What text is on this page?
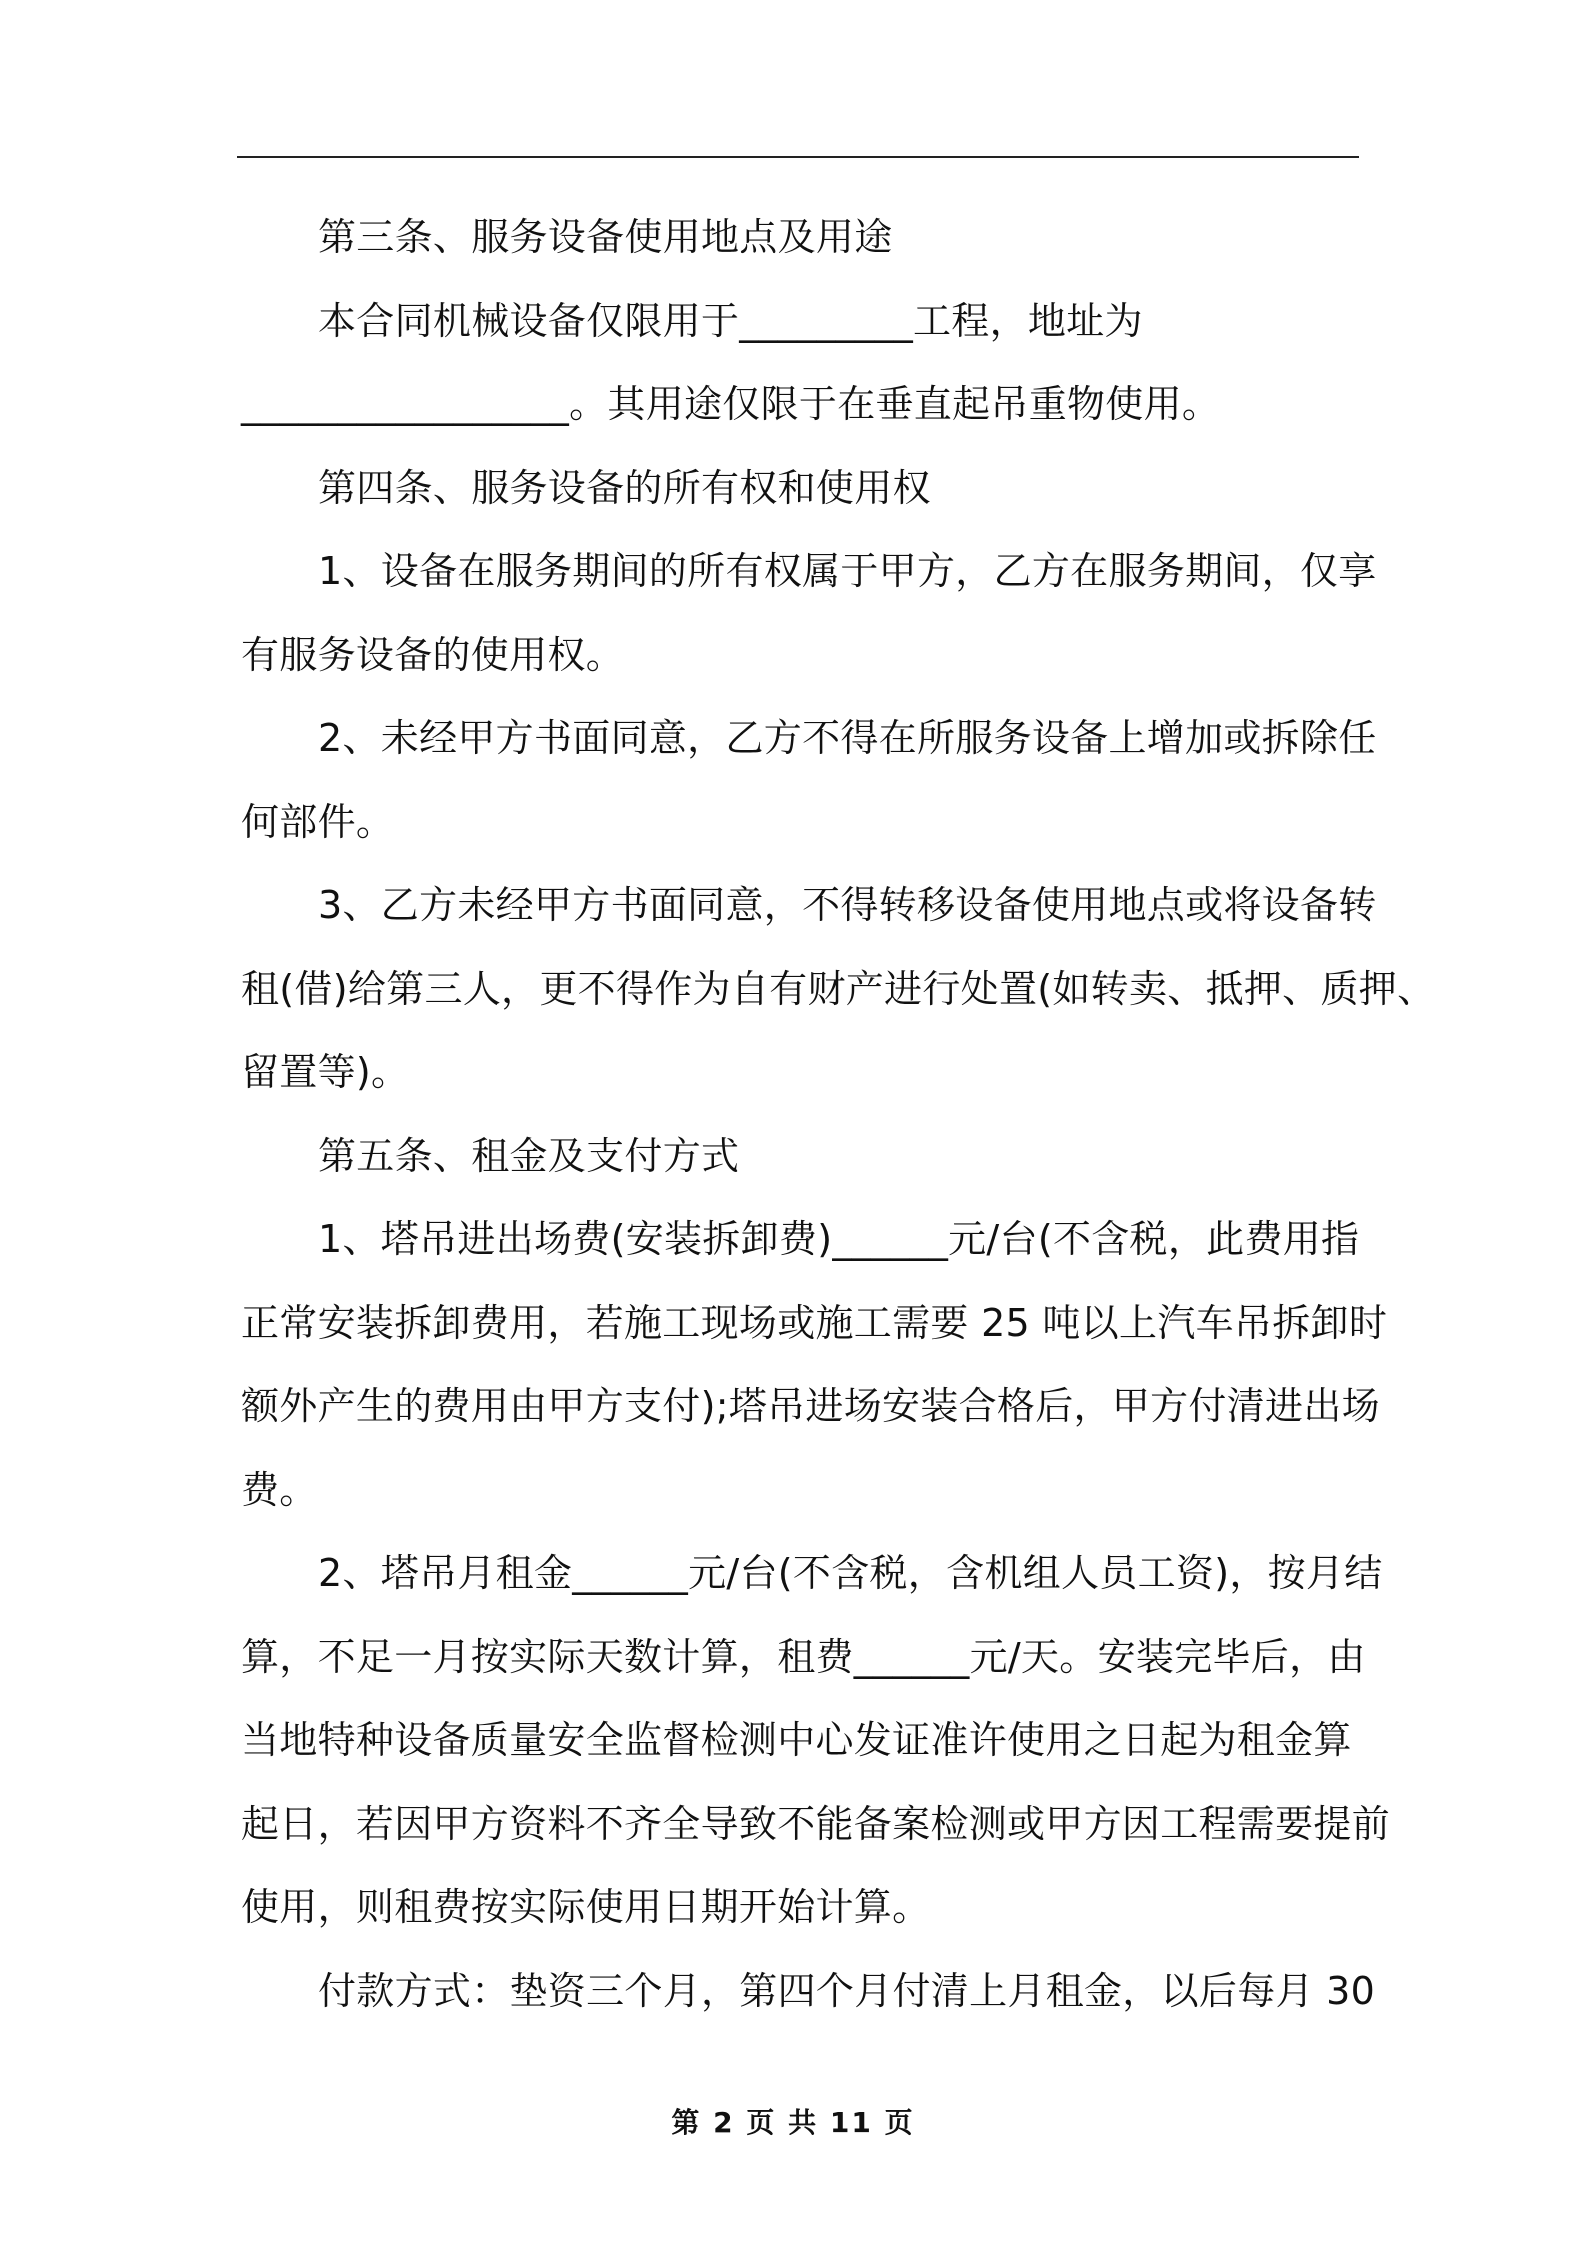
第三条、服务设备使用地点及用途
本合同机械设备仅限用于_________工程，地址为
_________________。其用途仅限于在垂直起吊重物使用。
第四条、服务设备的所有权和使用权
1、设备在服务期间的所有权属于甲方，乙方在服务期间，仅享
有服务设备的使用权。
2、未经甲方书面同意，乙方不得在所服务设备上增加或拆除任
何部件。
3、乙方未经甲方书面同意，不得转移设备使用地点或将设备转
租(借)给第三人，更不得作为自有财产进行处置(如转卖、抵押、质押、
留置等)。
第五条、租金及支付方式
1、塔吊进出场费(安装拆卸费)______元/台(不含税，此费用指
正常安装拆卸费用，若施工现场或施工需要 25 吨以上汽车吊拆卸时
额外产生的费用由甲方支付);塔吊进场安装合格后，甲方付清进出场
费。
2、塔吊月租金______元/台(不含税，含机组人员工资)，按月结
算，不足一月按实际天数计算，租费______元/天。安装完毕后，由
当地特种设备质量安全监督检测中心发证准许使用之日起为租金算
起日，若因甲方资料不齐全导致不能备案检测或甲方因工程需要提前
使用，则租费按实际使用日期开始计算。
付款方式：垫资三个月，第四个月付清上月租金，以后每月 30
第 2 页 共 11 页
